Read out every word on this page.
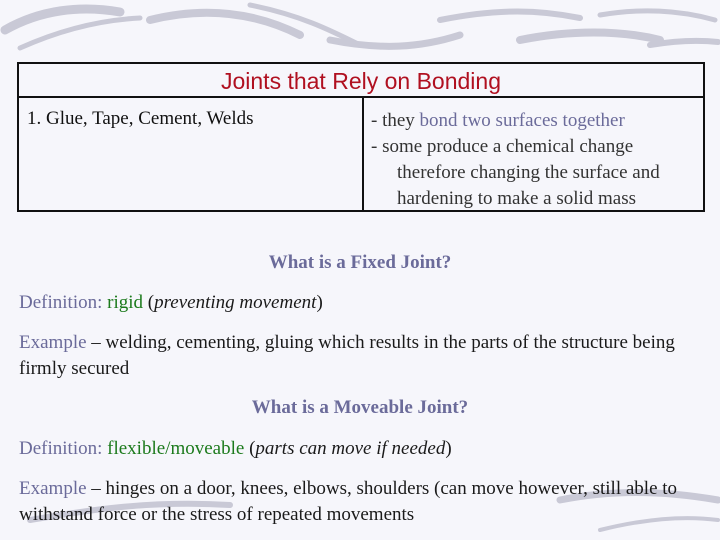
Joints that Rely on Bonding
1. Glue, Tape, Cement, Welds	- they bond two surfaces together
- some produce a chemical change
therefore changing the surface and
hardening to make a solid mass
What is a Fixed Joint?
Definition: rigid (preventing movement)
Example – welding, cementing, gluing which results in the parts of the structure being firmly secured
What is a Moveable Joint?
Definition: flexible/moveable (parts can move if needed)
Example – hinges on a door, knees, elbows, shoulders (can move however, still able to withstand force or the stress of repeated movements
